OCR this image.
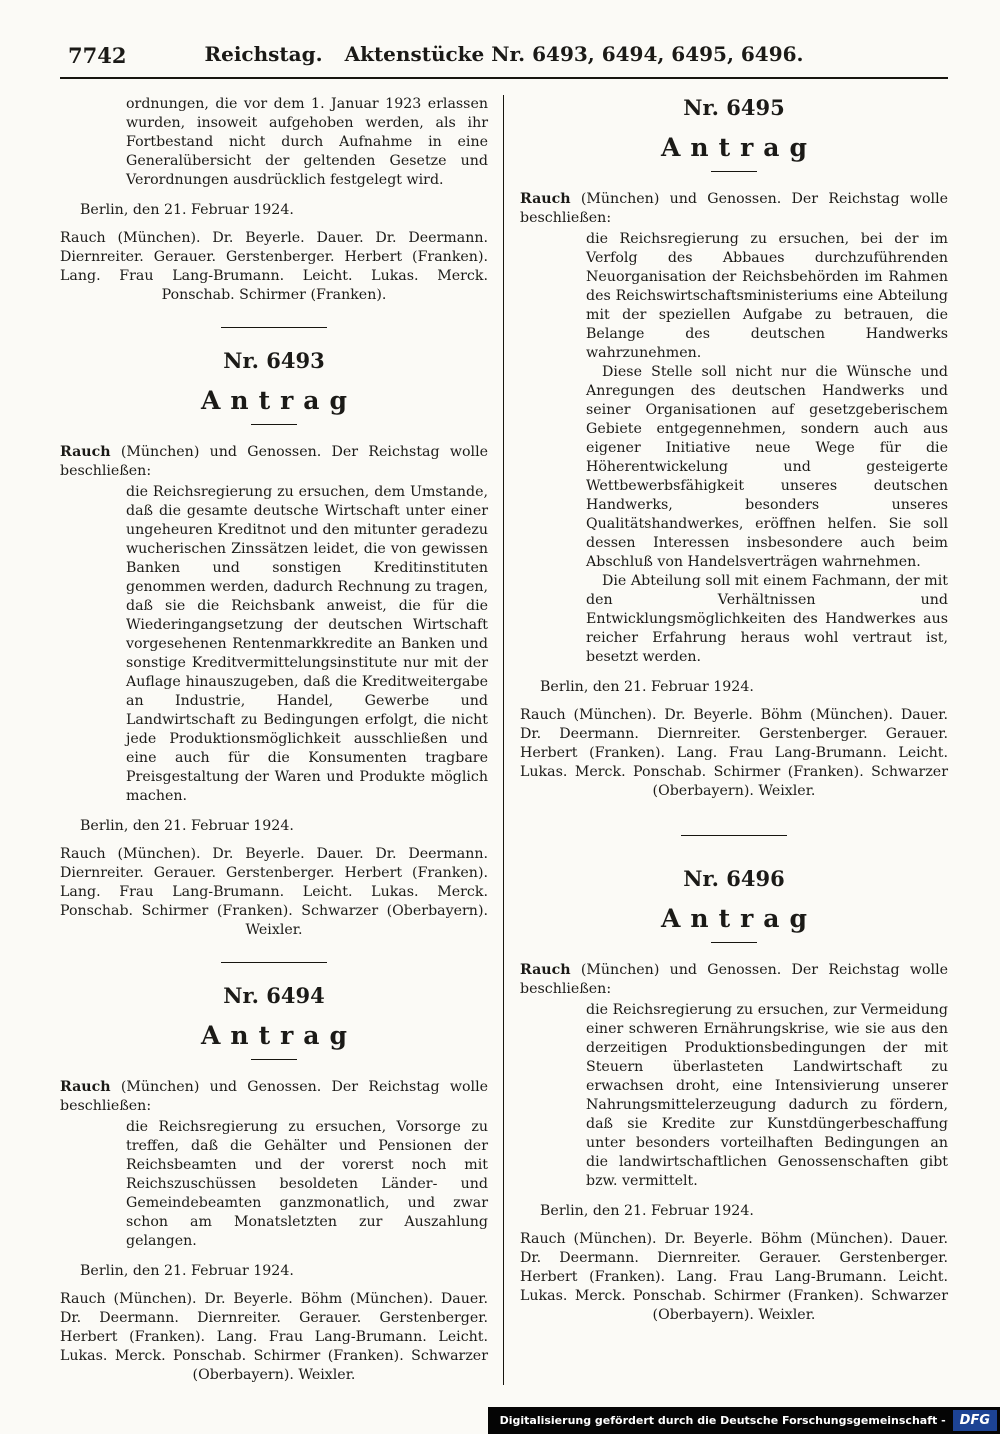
7742	Reichstag. Aktenstücke Nr. 6493, 6494, 6495, 6496.

ordnungen, die vor dem 1. Januar 1923 erlassen wurden, insoweit aufgehoben werden, als ihr Fortbestand nicht durch Aufnahme in eine Generalübersicht der geltenden Gesetze und Verordnungen ausdrücklich festgelegt wird.

Berlin, den 21. Februar 1924.

Rauch (München). Dr. Beyerle. Dauer. Dr. Deermann. Diernreiter. Gerauer. Gerstenberger. Herbert (Franken). Lang. Frau Lang-Brumann. Leicht. Lukas. Merck. Ponschab. Schirmer (Franken).

Nr. 6493

Antrag

Rauch (München) und Genossen. Der Reichstag wolle beschließen:

die Reichsregierung zu ersuchen, dem Umstande, daß die gesamte deutsche Wirtschaft unter einer ungeheuren Kreditnot und den mitunter geradezu wucherischen Zinssätzen leidet, die von gewissen Banken und sonstigen Kreditinstituten genommen werden, dadurch Rechnung zu tragen, daß sie die Reichsbank anweist, die für die Wiederingangsetzung der deutschen Wirtschaft vorgesehenen Rentenmarkkredite an Banken und sonstige Kreditvermittelungsinstitute nur mit der Auflage hinauszugeben, daß die Kreditweitergabe an Industrie, Handel, Gewerbe und Landwirtschaft zu Bedingungen erfolgt, die nicht jede Produktionsmöglichkeit ausschließen und eine auch für die Konsumenten tragbare Preisgestaltung der Waren und Produkte möglich machen.

Berlin, den 21. Februar 1924.

Rauch (München). Dr. Beyerle. Dauer. Dr. Deermann. Diernreiter. Gerauer. Gerstenberger. Herbert (Franken). Lang. Frau Lang-Brumann. Leicht. Lukas. Merck. Ponschab. Schirmer (Franken). Schwarzer (Oberbayern). Weixler.

Nr. 6494

Antrag

Rauch (München) und Genossen. Der Reichstag wolle beschließen:

die Reichsregierung zu ersuchen, Vorsorge zu treffen, daß die Gehälter und Pensionen der Reichsbeamten und der vorerst noch mit Reichszuschüssen besoldeten Länder- und Gemeindebeamten ganzmonatlich, und zwar schon am Monatsletzten zur Auszahlung gelangen.

Berlin, den 21. Februar 1924.

Rauch (München). Dr. Beyerle. Böhm (München). Dauer. Dr. Deermann. Diernreiter. Gerauer. Gerstenberger. Herbert (Franken). Lang. Frau Lang-Brumann. Leicht. Lukas. Merck. Ponschab. Schirmer (Franken). Schwarzer (Oberbayern). Weixler.

Nr. 6495

Antrag

Rauch (München) und Genossen. Der Reichstag wolle beschließen:

die Reichsregierung zu ersuchen, bei der im Verfolg des Abbaues durchzuführenden Neuorganisation der Reichsbehörden im Rahmen des Reichswirtschaftsministeriums eine Abteilung mit der speziellen Aufgabe zu betrauen, die Belange des deutschen Handwerks wahrzunehmen.

Diese Stelle soll nicht nur die Wünsche und Anregungen des deutschen Handwerks und seiner Organisationen auf gesetzgeberischem Gebiete entgegennehmen, sondern auch aus eigener Initiative neue Wege für die Höherentwickelung und gesteigerte Wettbewerbsfähigkeit unseres deutschen Handwerks, besonders unseres Qualitätshandwerkes, eröffnen helfen. Sie soll dessen Interessen insbesondere auch beim Abschluß von Handelsverträgen wahrnehmen.

Die Abteilung soll mit einem Fachmann, der mit den Verhältnissen und Entwicklungsmöglichkeiten des Handwerkes aus reicher Erfahrung heraus wohl vertraut ist, besetzt werden.

Berlin, den 21. Februar 1924.

Rauch (München). Dr. Beyerle. Böhm (München). Dauer. Dr. Deermann. Diernreiter. Gerstenberger. Gerauer. Herbert (Franken). Lang. Frau Lang-Brumann. Leicht. Lukas. Merck. Ponschab. Schirmer (Franken). Schwarzer (Oberbayern). Weixler.

Nr. 6496

Antrag

Rauch (München) und Genossen. Der Reichstag wolle beschließen:

die Reichsregierung zu ersuchen, zur Vermeidung einer schweren Ernährungskrise, wie sie aus den derzeitigen Produktionsbedingungen der mit Steuern überlasteten Landwirtschaft zu erwachsen droht, eine Intensivierung unserer Nahrungsmittelerzeugung dadurch zu fördern, daß sie Kredite zur Kunstdüngerbeschaffung unter besonders vorteilhaften Bedingungen an die landwirtschaftlichen Genossenschaften gibt bzw. vermittelt.

Berlin, den 21. Februar 1924.

Rauch (München). Dr. Beyerle. Böhm (München). Dauer. Dr. Deermann. Diernreiter. Gerauer. Gerstenberger. Herbert (Franken). Lang. Frau Lang-Brumann. Leicht. Lukas. Merck. Ponschab. Schirmer (Franken). Schwarzer (Oberbayern). Weixler.

Digitalisierung gefördert durch die Deutsche Forschungsgemeinschaft -	DFG
